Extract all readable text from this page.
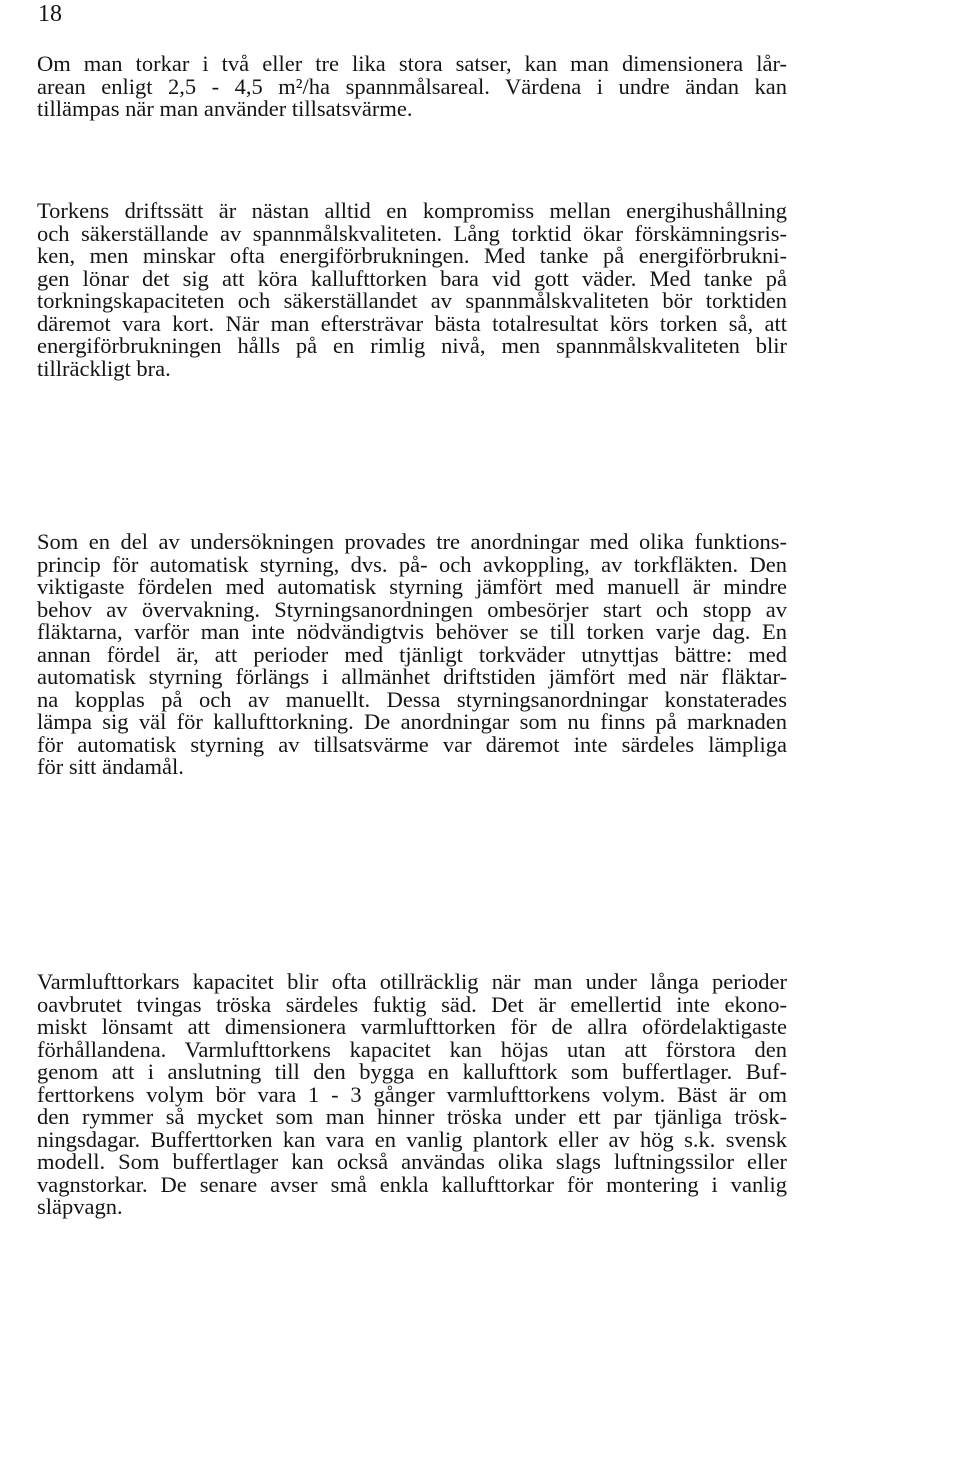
18
Om man torkar i två eller tre lika stora satser, kan man dimensionera lår-
arean enligt 2,5 - 4,5 m²/ha spannmålsareal. Värdena i undre ändan kan
tillämpas när man använder tillsatsvärme.
Torkens driftssätt är nästan alltid en kompromiss mellan energihushållning
och säkerställande av spannmålskvaliteten. Lång torktid ökar förskämningsris-
ken, men minskar ofta energiförbrukningen. Med tanke på energiförbrukni-
gen lönar det sig att köra kallufttorken bara vid gott väder. Med tanke på
torkningskapaciteten och säkerställandet av spannmålskvaliteten bör torktiden
däremot vara kort. När man eftersträvar bästa totalresultat körs torken så, att
energiförbrukningen hålls på en rimlig nivå, men spannmålskvaliteten blir
tillräckligt bra.
Som en del av undersökningen provades tre anordningar med olika funktions-
princip för automatisk styrning, dvs. på- och avkoppling, av torkfläkten. Den
viktigaste fördelen med automatisk styrning jämfört med manuell är mindre
behov av övervakning. Styrningsanordningen ombesörjer start och stopp av
fläktarna, varför man inte nödvändigtvis behöver se till torken varje dag. En
annan fördel är, att perioder med tjänligt torkväder utnyttjas bättre: med
automatisk styrning förlängs i allmänhet driftstiden jämfört med när fläktar-
na kopplas på och av manuellt. Dessa styrningsanordningar konstaterades
lämpa sig väl för kallufttorkning. De anordningar som nu finns på marknaden
för automatisk styrning av tillsatsvärme var däremot inte särdeles lämpliga
för sitt ändamål.
Varmlufttorkars kapacitet blir ofta otillräcklig när man under långa perioder
oavbrutet tvingas tröska särdeles fuktig säd. Det är emellertid inte ekono-
miskt lönsamt att dimensionera varmlufttorken för de allra ofördelaktigaste
förhållandena. Varmlufttorkens kapacitet kan höjas utan att förstora den
genom att i anslutning till den bygga en kallufttork som buffertlager. Buf-
ferttorkens volym bör vara 1 - 3 gånger varmlufttorkens volym. Bäst är om
den rymmer så mycket som man hinner tröska under ett par tjänliga trösk-
ningsdagar. Bufferttorken kan vara en vanlig plantork eller av hög s.k. svensk
modell. Som buffertlager kan också användas olika slags luftningssilor eller
vagnstorkar. De senare avser små enkla kallufttorkar för montering i vanlig
släpvagn.
